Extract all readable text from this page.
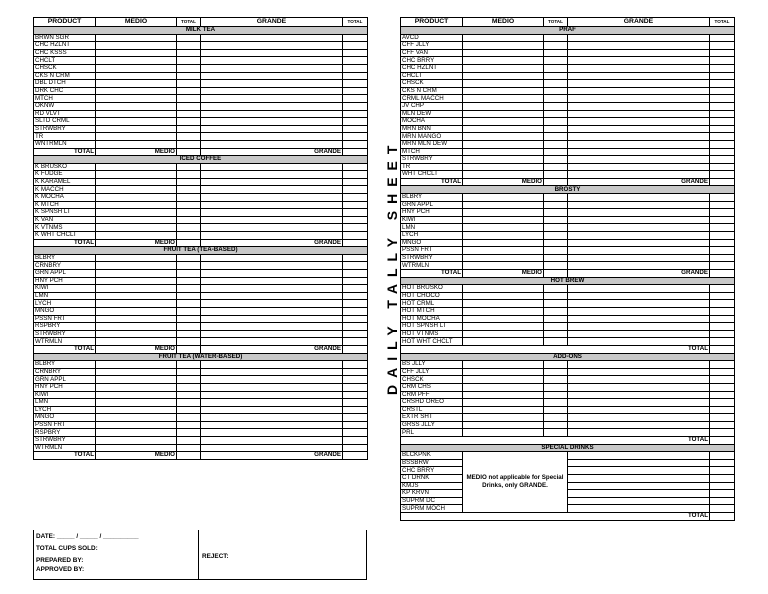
DAILY TALLY SHEET
PRODUCT	MEDIO	TOTAL	GRANDE	TOTAL
MILK TEA				
BRWN SGR				
CHC HZLNT				
CHC KSSS				
CHCLT				
CHSCK				
CKS N CRM				
DBL DTCH				
DRK CHC				
MTCH				
OKNW				
RD VLVT				
SLTD CRML				
STRWBRY				
TR				
WNTRMLN				
TOTAL	MEDIO		GRANDE	
ICED COFFEE				
K BRUSKO				
K FUDGE				
K KARAMEL				
K MACCH				
K MOCHA				
K MTCH				
K SPNSH LT				
K VAN				
K VTNMS				
K WHT CHCLT				
TOTAL	MEDIO		GRANDE	
FRUIT TEA (TEA-BASED)				
BLBRY				
CRNBRY				
GRN APPL				
HNY PCH				
KIWI				
LMN				
LYCH				
MNGO				
PSSN FRT				
RSPBRY				
STRWBRY				
WTRMLN				
TOTAL	MEDIO		GRANDE	
FRUIT TEA (WATER-BASED)				
BLBRY				
CRNBRY				
GRN APPL				
HNY PCH				
KIWI				
LMN				
LYCH				
MNGO				
PSSN FRT				
RSPBRY				
STRWBRY				
WTRMLN				
TOTAL	MEDIO		GRANDE	
PRODUCT	MEDIO	TOTAL	GRANDE	TOTAL
PRAF				
AVCD				
CFF JLLY				
CFF VAN				
CHC BRRY				
CHC HZLNT				
CHCLT				
CHSCK				
CKS N CRM				
CRML MACCH				
JV CHP				
MLN DEW				
MOCHA				
MRN BNN				
MRN MANGO				
MRN MLN DEW				
MTCH				
STRWBRY				
TR				
WHT CHCLT				
TOTAL	MEDIO		GRANDE	
BROSTY				
BLBRY				
GRN APPL				
HNY PCH				
KIWI				
LMN				
LYCH				
MNGO				
PSSN FRT				
STRWBRY				
WTRMLN				
TOTAL	MEDIO		GRANDE	
HOT BREW				
HOT BRUSKO				
HOT CHOCO				
HOT CRML				
HOT MTCH				
HOT MOCHA				
HOT SPNSH LT				
HOT VTNMS				
HOT WHT CHCLT				
			TOTAL	
ADD-ONS				
BS JLLY				
CFF JLLY				
CHSCK				
CRM CHS				
CRM PFF				
CRSHD OREO				
CRSTL				
EXTR SHT				
GRSS JLLY				
PRL				
			TOTAL	
SPECIAL DRINKS				
BLCKPNK	MEDIO not applicable for Special Drinks, only GRANDE.			
BSSBRW				
CHC BRRY				
CT DRNK				
KMJS				
KP KRVN				
SUPRM DC				
SUPRM MOCH				
			TOTAL	
DATE: _____ / _____ / __________
TOTAL CUPS SOLD:
PREPARED BY:
APPROVED BY:
REJECT:
